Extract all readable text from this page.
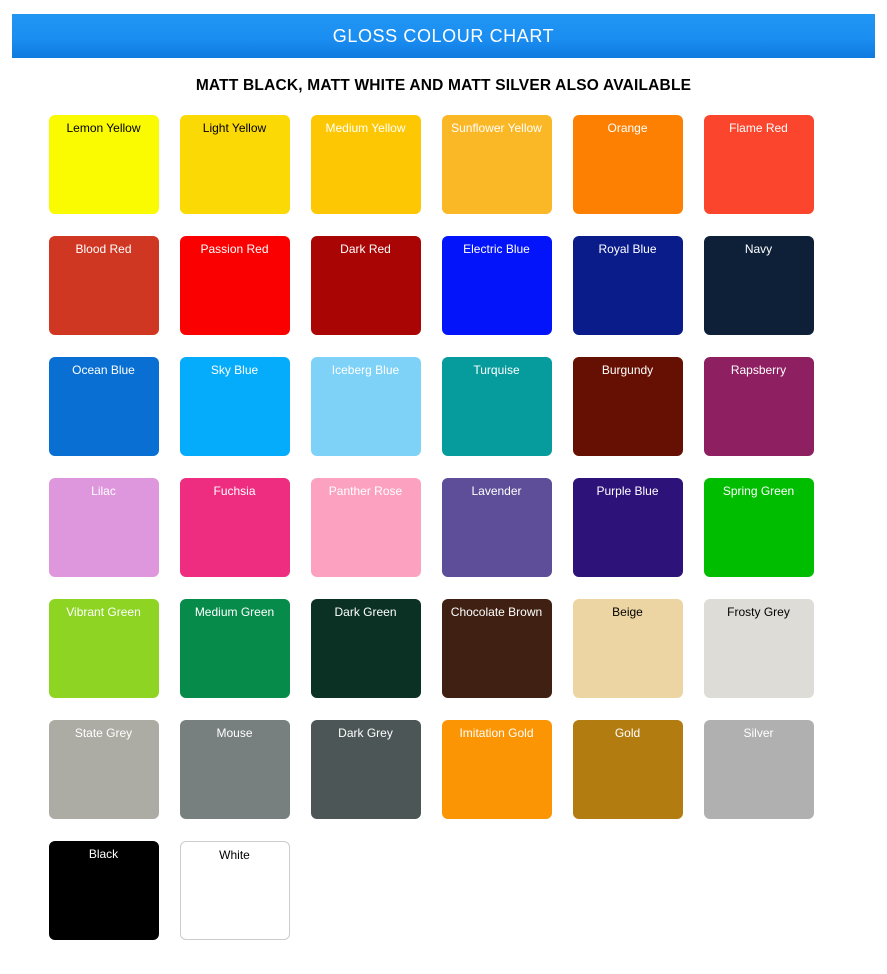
GLOSS COLOUR CHART
MATT BLACK, MATT WHITE AND MATT SILVER ALSO AVAILABLE
Lemon Yellow	Light Yellow	Medium Yellow	Sunflower Yellow	Orange	Flame Red
Blood Red	Passion Red	Dark Red	Electric Blue	Royal Blue	Navy
Ocean Blue	Sky Blue	Iceberg Blue	Turquise	Burgundy	Rapsberry
Lilac	Fuchsia	Panther Rose	Lavender	Purple Blue	Spring Green
Vibrant Green	Medium Green	Dark Green	Chocolate Brown	Beige	Frosty Grey
State Grey	Mouse	Dark Grey	Imitation Gold	Gold	Silver
Black	White
